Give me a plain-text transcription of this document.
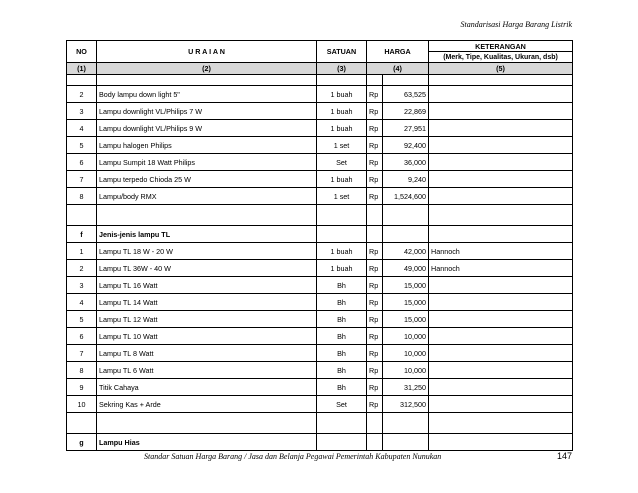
Standarisasi Harga Barang Listrik
NO	U R A I A N	SATUAN	HARGA		KETERANGAN
					(Merk, Tipe, Kualitas, Ukuran, dsb)
(1)	(2)	(3)	(4)		(5)

2	Body lampu down light 5"	1 buah	Rp	63,525	
3	Lampu downlight VL/Philips 7 W	1 buah	Rp	22,869	
4	Lampu downlight VL/Philips 9 W	1 buah	Rp	27,951	
5	Lampu halogen Philips	1 set	Rp	92,400	
6	Lampu Sumpit 18 Watt Philips	Set	Rp	36,000	
7	Lampu terpedo Chioda 25 W	1 buah	Rp	9,240	
8	Lampu/body RMX	1 set	Rp	1,524,600	

f	Jenis-jenis lampu TL				
1	Lampu TL 18 W - 20 W	1 buah	Rp	42,000	Hannoch
2	Lampu TL 36W - 40 W	1 buah	Rp	49,000	Hannoch
3	Lampu TL 16 Watt	Bh	Rp	15,000	
4	Lampu TL 14 Watt	Bh	Rp	15,000	
5	Lampu TL 12 Watt	Bh	Rp	15,000	
6	Lampu TL 10 Watt	Bh	Rp	10,000	
7	Lampu TL 8 Watt	Bh	Rp	10,000	
8	Lampu TL 6 Watt	Bh	Rp	10,000	
9	Titik Cahaya	Bh	Rp	31,250	
10	Sekring Kas + Arde	Set	Rp	312,500	

g	Lampu Hias				
Standar Satuan Harga Barang / Jasa dan Belanja Pegawai Pemerintah Kabupaten Nunukan	147
